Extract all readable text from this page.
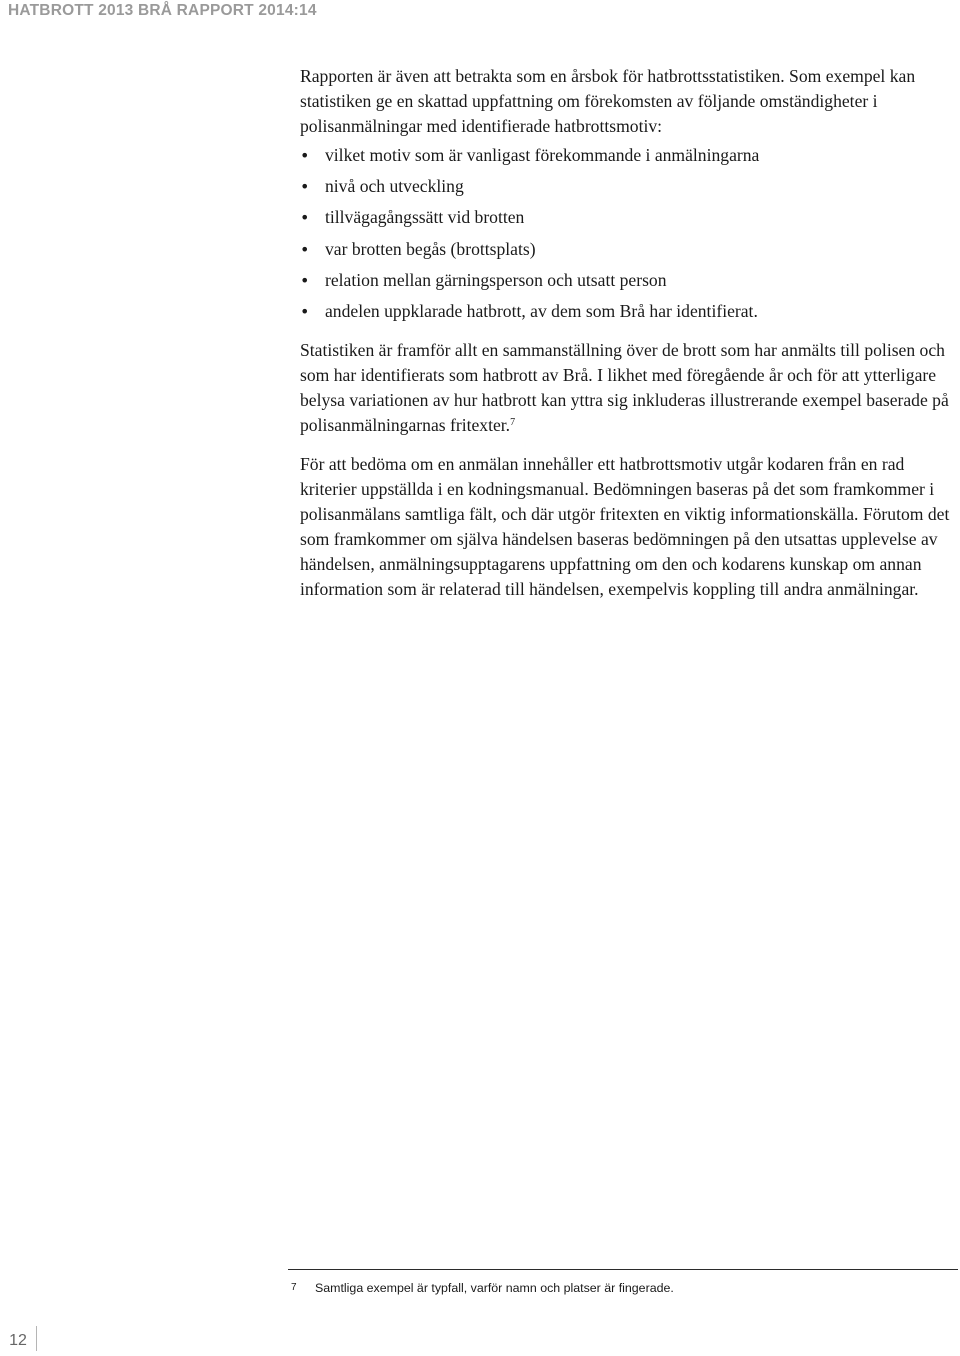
HATBROTT 2013 BRÅ RAPPORT 2014:14

Rapporten är även att betrakta som en årsbok för hatbrottsstatistiken. Som exempel kan statistiken ge en skattad uppfattning om förekomsten av följande omständigheter i polisanmälningar med identifierade hatbrottsmotiv:

• vilket motiv som är vanligast förekommande i anmälningarna
• nivå och utveckling
• tillvägagångssätt vid brotten
• var brotten begås (brottsplats)
• relation mellan gärningsperson och utsatt person
• andelen uppklarade hatbrott, av dem som Brå har identifierat.

Statistiken är framför allt en sammanställning över de brott som har anmälts till polisen och som har identifierats som hatbrott av Brå. I likhet med föregående år och för att ytterligare belysa variationen av hur hatbrott kan yttra sig inkluderas illustrerande exempel baserade på polisanmälningarnas fritexter.$^7$

För att bedöma om en anmälan innehåller ett hatbrottsmotiv utgår kodaren från en rad kriterier uppställda i en kodningsmanual. Bedömningen baseras på det som framkommer i polisanmälans samtliga fält, och där utgör fritexten en viktig informationskälla. Förutom det som framkommer om själva händelsen baseras bedömningen på den utsattas upplevelse av händelsen, anmälningsupptagarens uppfattning om den och kodarens kunskap om annan information som är relaterad till händelsen, exempelvis koppling till andra anmälningar.

7 Samtliga exempel är typfall, varför namn och platser är fingerade.
12
